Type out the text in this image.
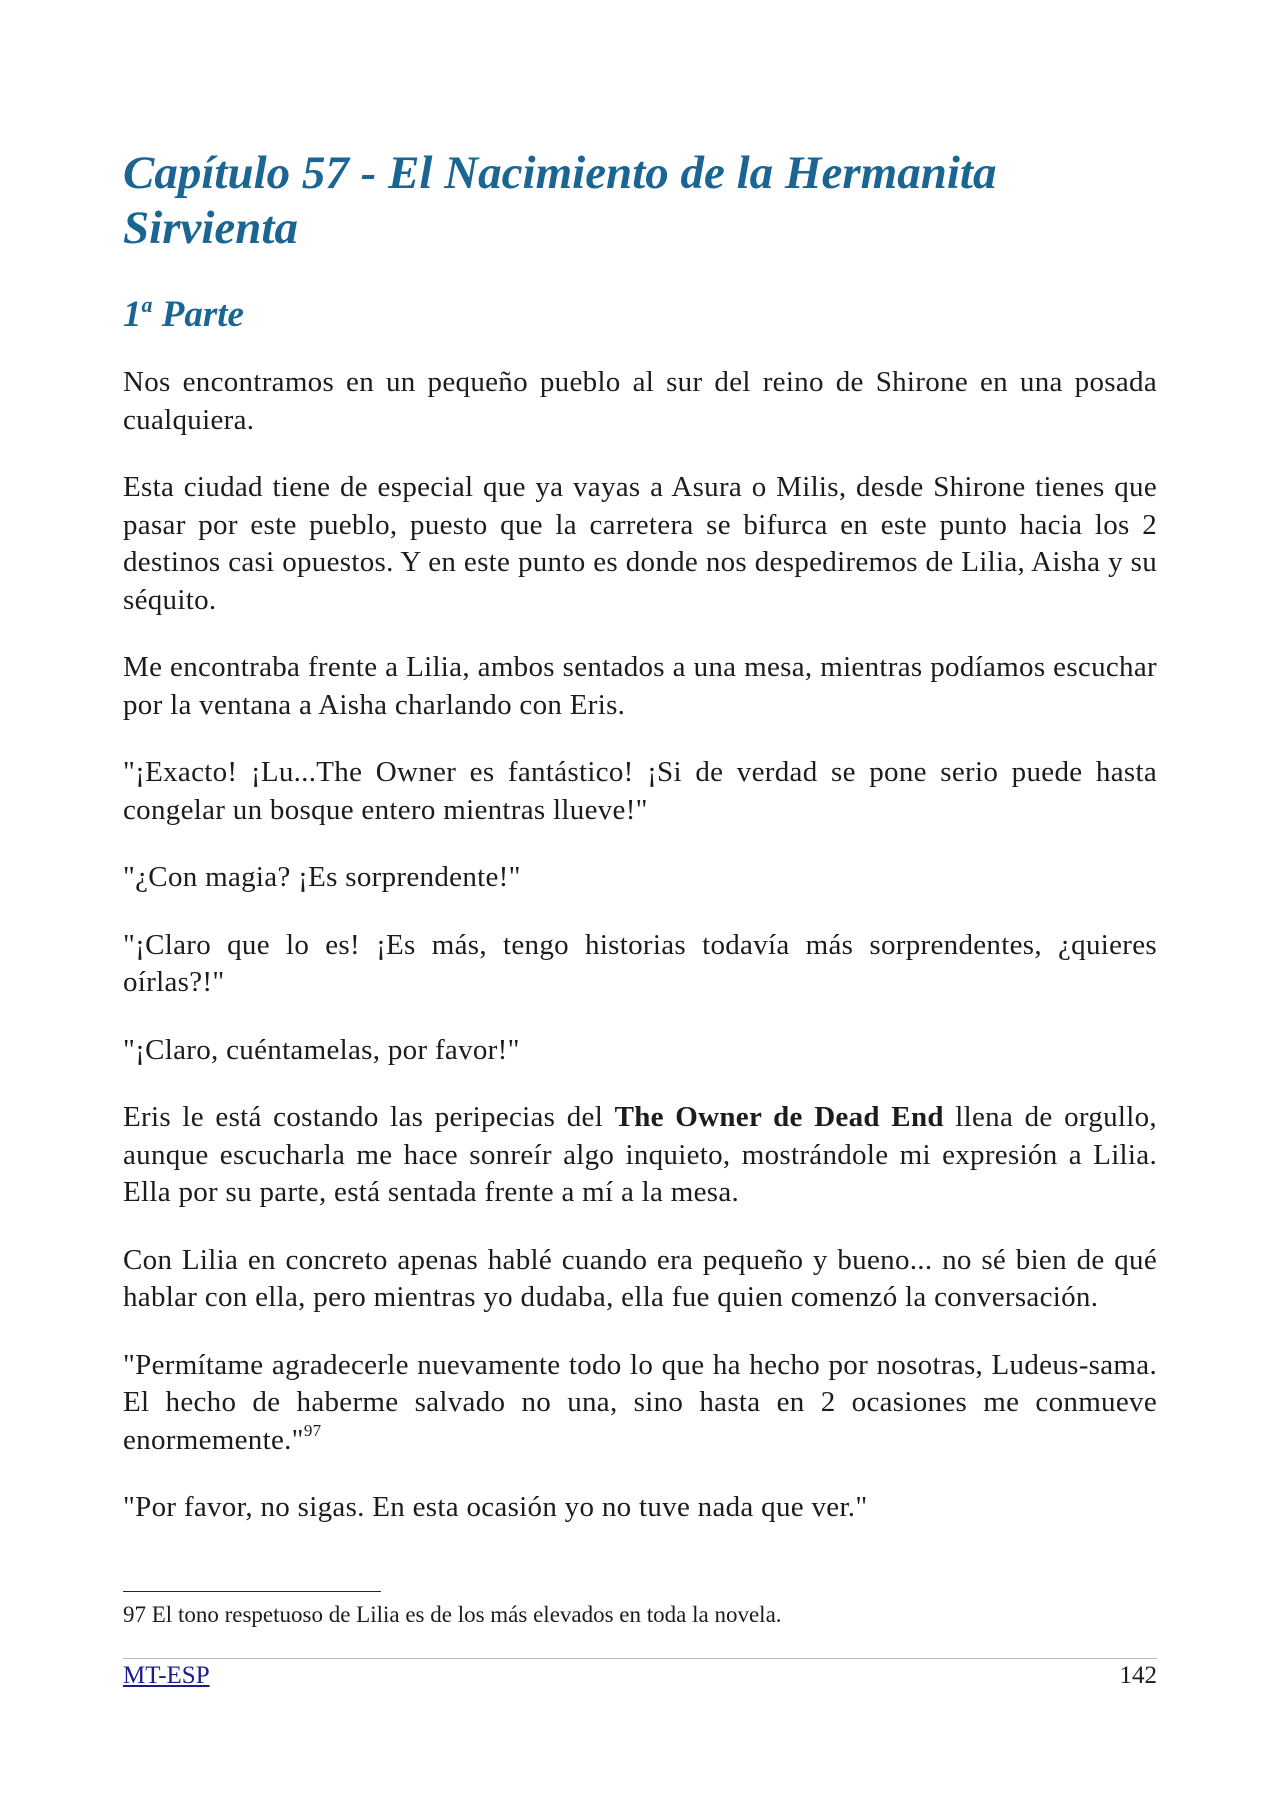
Capítulo 57 - El Nacimiento de la Hermanita Sirvienta
1$^a$ Parte

Nos encontramos en un pequeño pueblo al sur del reino de Shirone en una posada cualquiera.

Esta ciudad tiene de especial que ya vayas a Asura o Milis, desde Shirone tienes que pasar por este pueblo, puesto que la carretera se bifurca en este punto hacia los 2 destinos casi opuestos. Y en este punto es donde nos despediremos de Lilia, Aisha y su séquito.

Me encontraba frente a Lilia, ambos sentados a una mesa, mientras podíamos escuchar por la ventana a Aisha charlando con Eris.

"¡Exacto! ¡Lu...The Owner es fantástico! ¡Si de verdad se pone serio puede hasta congelar un bosque entero mientras llueve!"

"¿Con magia? ¡Es sorprendente!"

"¡Claro que lo es! ¡Es más, tengo historias todavía más sorprendentes, ¿quieres oírlas?!"

"¡Claro, cuéntamelas, por favor!"

Eris le está costando las peripecias del The Owner de Dead End llena de orgullo, aunque escucharla me hace sonreír algo inquieto, mostrándole mi expresión a Lilia. Ella por su parte, está sentada frente a mí a la mesa.

Con Lilia en concreto apenas hablé cuando era pequeño y bueno... no sé bien de qué hablar con ella, pero mientras yo dudaba, ella fue quien comenzó la conversación.

"Permítame agradecerle nuevamente todo lo que ha hecho por nosotras, Ludeus-sama. El hecho de haberme salvado no una, sino hasta en 2 ocasiones me conmueve enormemente."$^{97}$

"Por favor, no sigas. En esta ocasión yo no tuve nada que ver."

97 El tono respetuoso de Lilia es de los más elevados en toda la novela.
MT-ESP	142
